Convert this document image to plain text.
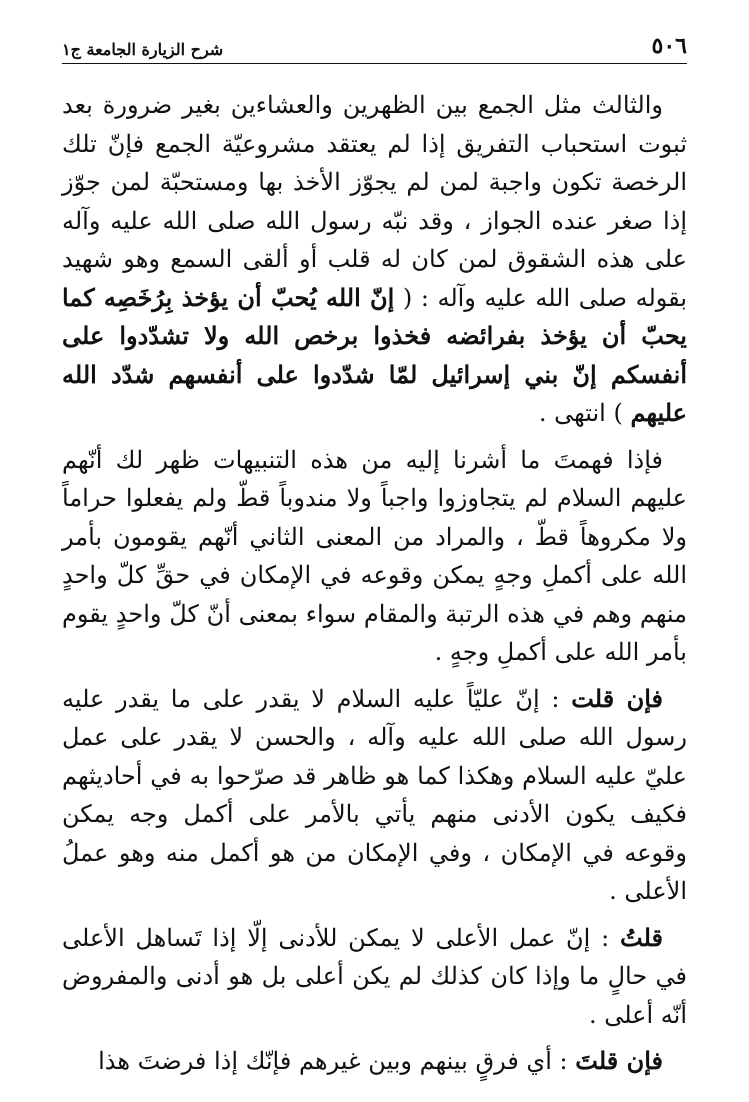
٥٠٦
شرح الزيارة الجامعة ج١

والثالث مثل الجمع بين الظهرين والعشاءين بغير ضرورة بعد ثبوت استحباب التفريق إذا لم يعتقد مشروعيّة الجمع فإنّ تلك الرخصة تكون واجبة لمن لم يجوّز الأخذ بها ومستحبّة لمن جوّز إذا صغر عنده الجواز ، وقد نبّه رسول الله صلى الله عليه وآله على هذه الشقوق لمن كان له قلب أو ألقى السمع وهو شهيد بقوله صلى الله عليه وآله : ( إنّ الله يُحبّ أن يؤخذ بِرُخَصِه كما يحبّ أن يؤخذ بفرائضه فخذوا برخص الله ولا تشدّدوا على أنفسكم إنّ بني إسرائيل لمّا شدّدوا على أنفسهم شدّد الله عليهم ) انتهى .

فإذا فهمتَ ما أشرنا إليه من هذه التنبيهات ظهر لك أنّهم عليهم السلام لم يتجاوزوا واجباً ولا مندوباً قطّ ولم يفعلوا حراماً ولا مكروهاً قطّ ، والمراد من المعنى الثاني أنّهم يقومون بأمر الله على أكملِ وجهٍ يمكن وقوعه في الإمكان في حقِّ كلّ واحدٍ منهم وهم في هذه الرتبة والمقام سواء بمعنى أنّ كلّ واحدٍ يقوم بأمر الله على أكملِ وجهٍ .

فإن قلت : إنّ عليّاً عليه السلام لا يقدر على ما يقدر عليه رسول الله صلى الله عليه وآله ، والحسن لا يقدر على عمل عليّ عليه السلام وهكذا كما هو ظاهر قد صرّحوا به في أحاديثهم فكيف يكون الأدنى منهم يأتي بالأمر على أكمل وجه يمكن وقوعه في الإمكان ، وفي الإمكان من هو أكمل منه وهو عملُ الأعلى .

قلتُ : إنّ عمل الأعلى لا يمكن للأدنى إلّا إذا تَساهل الأعلى في حالٍ ما وإذا كان كذلك لم يكن أعلى بل هو أدنى والمفروض أنّه أعلى .

فإن قلتَ : أي فرقٍ بينهم وبين غيرهم فإنّك إذا فرضتَ هذا
